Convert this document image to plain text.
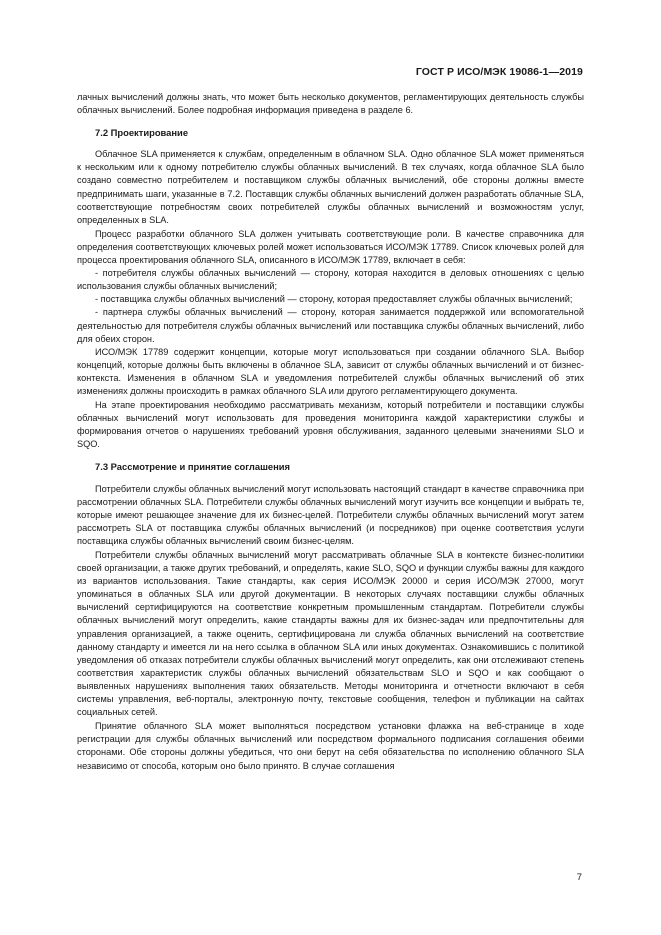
ГОСТ Р ИСО/МЭК 19086-1—2019

лачных вычислений должны знать, что может быть несколько документов, регламентирующих деятельность службы облачных вычислений. Более подробная информация приведена в разделе 6.

7.2 Проектирование

Облачное SLA применяется к службам, определенным в облачном SLA. Одно облачное SLA может применяться к нескольким или к одному потребителю службы облачных вычислений. В тех случаях, когда облачное SLA было создано совместно потребителем и поставщиком службы облачных вычислений, обе стороны должны вместе предпринимать шаги, указанные в 7.2. Поставщик службы облачных вычислений должен разработать облачные SLA, соответствующие потребностям своих потребителей службы облачных вычислений и возможностям услуг, определенных в SLA.

Процесс разработки облачного SLA должен учитывать соответствующие роли. В качестве справочника для определения соответствующих ключевых ролей может использоваться ИСО/МЭК 17789. Список ключевых ролей для процесса проектирования облачного SLA, описанного в ИСО/МЭК 17789, включает в себя:

- потребителя службы облачных вычислений — сторону, которая находится в деловых отношениях с целью использования службы облачных вычислений;
- поставщика службы облачных вычислений — сторону, которая предоставляет службы облачных вычислений;
- партнера службы облачных вычислений — сторону, которая занимается поддержкой или вспомогательной деятельностью для потребителя службы облачных вычислений или поставщика службы облачных вычислений, либо для обеих сторон.

ИСО/МЭК 17789 содержит концепции, которые могут использоваться при создании облачного SLA. Выбор концепций, которые должны быть включены в облачное SLA, зависит от службы облачных вычислений и от бизнес-контекста. Изменения в облачном SLA и уведомления потребителей службы облачных вычислений об этих изменениях должны происходить в рамках облачного SLA или другого регламентирующего документа.

На этапе проектирования необходимо рассматривать механизм, который потребители и поставщики службы облачных вычислений могут использовать для проведения мониторинга каждой характеристики службы и формирования отчетов о нарушениях требований уровня обслуживания, заданного целевыми значениями SLO и SQO.

7.3 Рассмотрение и принятие соглашения

Потребители службы облачных вычислений могут использовать настоящий стандарт в качестве справочника при рассмотрении облачных SLA. Потребители службы облачных вычислений могут изучить все концепции и выбрать те, которые имеют решающее значение для их бизнес-целей. Потребители службы облачных вычислений могут затем рассмотреть SLA от поставщика службы облачных вычислений (и посредников) при оценке соответствия услуги поставщика службы облачных вычислений своим бизнес-целям.

Потребители службы облачных вычислений могут рассматривать облачные SLA в контексте бизнес-политики своей организации, а также других требований, и определять, какие SLO, SQO и функции службы важны для каждого из вариантов использования. Такие стандарты, как серия ИСО/МЭК 20000 и серия ИСО/МЭК 27000, могут упоминаться в облачных SLA или другой документации. В некоторых случаях поставщики службы облачных вычислений сертифицируются на соответствие конкретным промышленным стандартам. Потребители службы облачных вычислений могут определить, какие стандарты важны для их бизнес-задач или предпочтительны для управления организацией, а также оценить, сертифицирована ли служба облачных вычислений на соответствие данному стандарту и имеется ли на него ссылка в облачном SLA или иных документах. Ознакомившись с политикой уведомления об отказах потребители службы облачных вычислений могут определить, как они отслеживают степень соответствия характеристик службы облачных вычислений обязательствам SLO и SQO и как сообщают о выявленных нарушениях выполнения таких обязательств. Методы мониторинга и отчетности включают в себя системы управления, веб-порталы, электронную почту, текстовые сообщения, телефон и публикации на сайтах социальных сетей.

Принятие облачного SLA может выполняться посредством установки флажка на веб-странице в ходе регистрации для службы облачных вычислений или посредством формального подписания соглашения обеими сторонами. Обе стороны должны убедиться, что они берут на себя обязательства по исполнению облачного SLA независимо от способа, которым оно было принято. В случае соглашения

7
